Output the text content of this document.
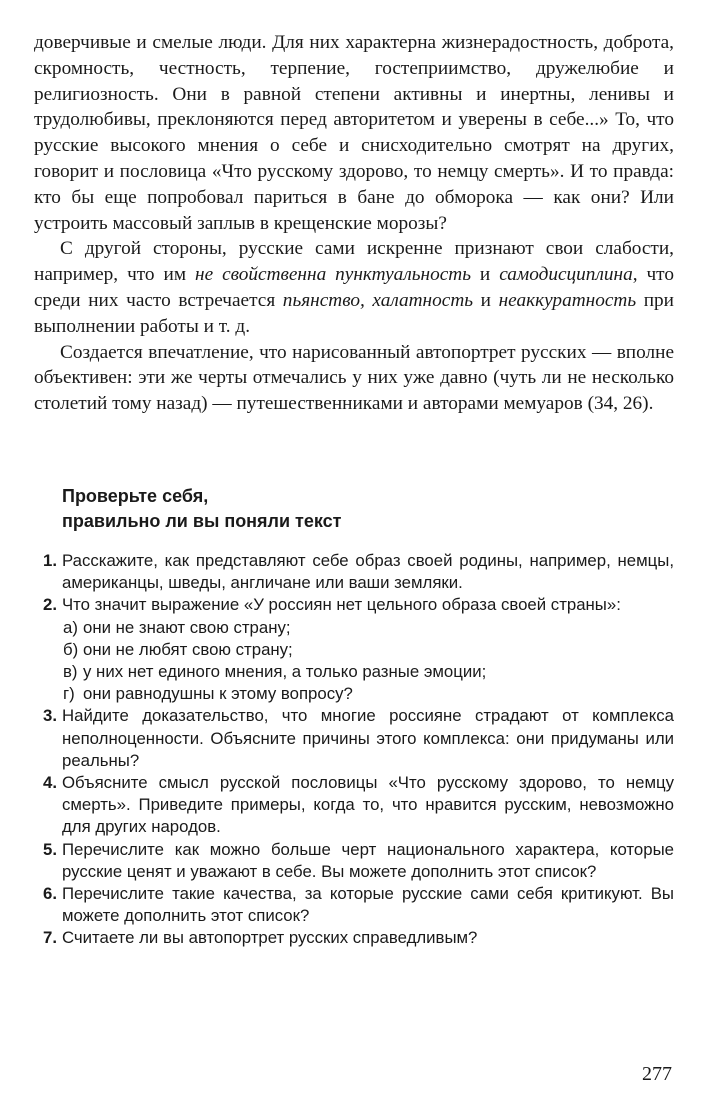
доверчивые и смелые люди. Для них характерна жизнерадостность, доброта, скромность, честность, терпение, гостеприимство, дружелюбие и религиозность. Они в равной степени активны и инертны, ленивы и трудолюбивы, преклоняются перед авторитетом и уверены в себе...» То, что русские высокого мнения о себе и снисходительно смотрят на других, говорит и пословица «Что русскому здорово, то немцу смерть». И то правда: кто бы еще попробовал париться в бане до обморока — как они? Или устроить массовый заплыв в крещенские морозы?

С другой стороны, русские сами искренне признают свои слабости, например, что им не свойственна пунктуальность и самодисциплина, что среди них часто встречается пьянство, халатность и неаккуратность при выполнении работы и т. д.

Создается впечатление, что нарисованный автопортрет русских — вполне объективен: эти же черты отмечались у них уже давно (чуть ли не несколько столетий тому назад) — путешественниками и авторами мемуаров (34, 26).

Проверьте себя,
правильно ли вы поняли текст
1. Расскажите, как представляют себе образ своей родины, например, немцы, американцы, шведы, англичане или ваши земляки.
2. Что значит выражение «У россиян нет цельного образа своей страны»:
а) они не знают свою страну;
б) они не любят свою страну;
в) у них нет единого мнения, а только разные эмоции;
г) они равнодушны к этому вопросу?
3. Найдите доказательство, что многие россияне страдают от комплекса неполноценности. Объясните причины этого комплекса: они придуманы или реальны?
4. Объясните смысл русской пословицы «Что русскому здорово, то немцу смерть». Приведите примеры, когда то, что нравится русским, невозможно для других народов.
5. Перечислите как можно больше черт национального характера, которые русские ценят и уважают в себе. Вы можете дополнить этот список?
6. Перечислите такие качества, за которые русские сами себя критикуют. Вы можете дополнить этот список?
7. Считаете ли вы автопортрет русских справедливым?
277
